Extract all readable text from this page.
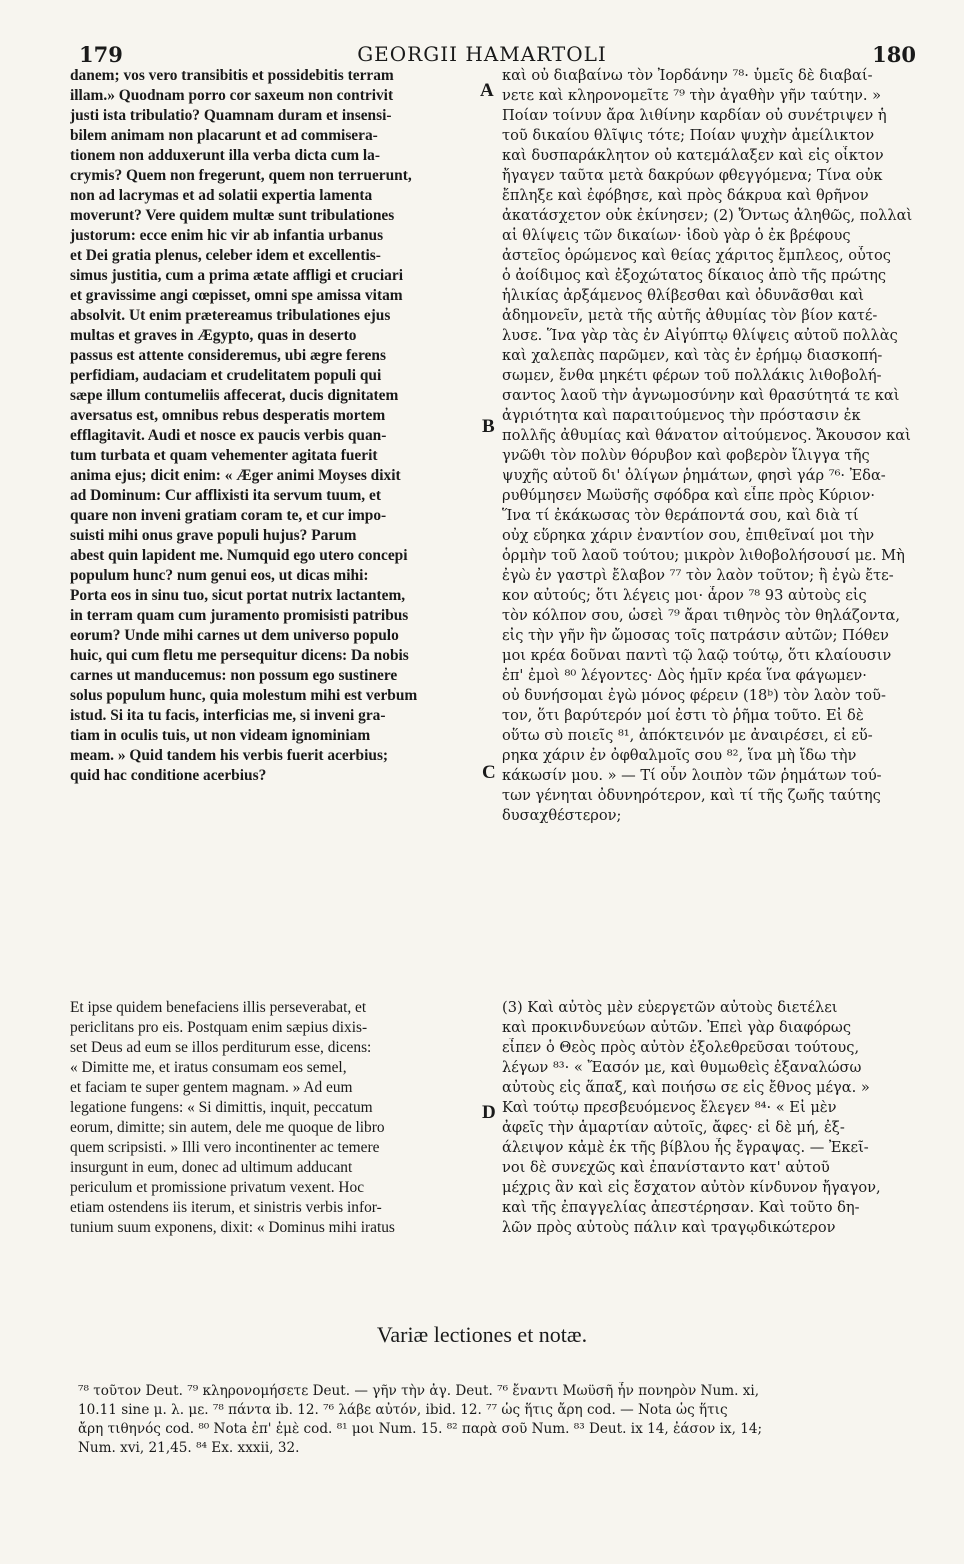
179	GEORGII HAMARTOLI	180
danem; vos vero transibitis et possidebitis terram
illam.» Quodnam porro cor saxeum non contrivit
justi ista tribulatio? Quamnam duram et insensi-
bilem animam non placarunt et ad commisera-
tionem non adduxerunt illa verba dicta cum la-
crymis? Quem non fregerunt, quem non terruerunt,
non ad lacrymas et ad solatii expertia lamenta
moverunt? Vere quidem multæ sunt tribulationes
justorum: ecce enim hic vir ab infantia urbanus
et Dei gratia plenus, celeber idem et excellentis-
simus justitia, cum a prima ætate affligi et cruciari
et gravissime angi cœpisset, omni spe amissa vitam
absolvit. Ut enim prætereamus tribulationes ejus
multas et graves in Ægypto, quas in deserto
passus est attente consideremus, ubi ægre ferens
perfidiam, audaciam et crudelitatem populi qui
sæpe illum contumeliis affecerat, ducis dignitatem
aversatus est, omnibus rebus desperatis mortem
efflagitavit. Audi et nosce ex paucis verbis quan-
tum turbata et quam vehementer agitata fuerit
anima ejus; dicit enim: « Æger animi Moyses dixit
ad Dominum: Cur afflixisti ita servum tuum, et
quare non inveni gratiam coram te, et cur impo-
suisti mihi onus grave populi hujus? Parum
abest quin lapident me. Numquid ego utero concepi
populum hunc? num genui eos, ut dicas mihi:
Porta eos in sinu tuo, sicut portat nutrix lactantem,
in terram quam cum juramento promisisti patribus
eorum? Unde mihi carnes ut dem universo populo
huic, qui cum fletu me persequitur dicens: Da nobis
carnes ut manducemus: non possum ego sustinere
solus populum hunc, quia molestum mihi est verbum
istud. Si ita tu facis, interficias me, si inveni gra-
tiam in oculis tuis, ut non videam ignominiam
meam. » Quid tandem his verbis fuerit acerbius;
quid hac conditione acerbius?
καὶ οὐ διαβαίνω τὸν Ἰορδάνην ⁷⁸· ὑμεῖς δὲ διαβαί-
νετε καὶ κληρονομεῖτε ⁷⁹ τὴν ἀγαθὴν γῆν ταύτην. »
Ποίαν τοίνυν ἄρα λιθίνην καρδίαν οὐ συνέτριψεν ἡ
τοῦ δικαίου θλῖψις τότε; Ποίαν ψυχὴν ἀμείλικτον
καὶ δυσπαράκλητον οὐ κατεμάλαξεν καὶ εἰς οἶκτον
ἤγαγεν ταῦτα μετὰ δακρύων φθεγγόμενα; Τίνα οὐκ
ἔπληξε καὶ ἐφόβησε, καὶ πρὸς δάκρυα καὶ θρῆνον
ἀκατάσχετον οὐκ ἐκίνησεν; (2) Ὄντως ἀληθῶς, πολλαὶ
αἱ θλίψεις τῶν δικαίων· ἰδοὺ γὰρ ὁ ἐκ βρέφους
ἀστεῖος ὁρώμενος καὶ θείας χάριτος ἔμπλεος, οὗτος
ὁ ἀοίδιμος καὶ ἐξοχώτατος δίκαιος ἀπὸ τῆς πρώτης
ἡλικίας ἀρξάμενος θλίβεσθαι καὶ ὀδυνᾶσθαι καὶ
ἀδημονεῖν, μετὰ τῆς αὐτῆς ἀθυμίας τὸν βίον κατέ-
λυσε. Ἵνα γὰρ τὰς ἐν Αἰγύπτῳ θλίψεις αὐτοῦ πολλὰς
καὶ χαλεπὰς παρῶμεν, καὶ τὰς ἐν ἐρήμῳ διασκοπή-
σωμεν, ἔνθα μηκέτι φέρων τοῦ πολλάκις λιθοβολή-
σαντος λαοῦ τὴν ἀγνωμοσύνην καὶ θρασύτητά τε καὶ
ἀγριότητα καὶ παραιτούμενος τὴν πρόστασιν ἐκ
πολλῆς ἀθυμίας καὶ θάνατον αἰτούμενος. Ἄκουσον καὶ
γνῶθι τὸν πολὺν θόρυβον καὶ φοβερὸν ἴλιγγα τῆς
ψυχῆς αὐτοῦ δι' ὀλίγων ῥημάτων, φησὶ γάρ ⁷⁶· Ἐδα-
ρυθύμησεν Μωϋσῆς σφόδρα καὶ εἶπε πρὸς Κύριον·
Ἵνα τί ἐκάκωσας τὸν θεράποντά σου, καὶ διὰ τί
οὐχ εὕρηκα χάριν ἐναντίον σου, ἐπιθεῖναί μοι τὴν
ὁρμὴν τοῦ λαοῦ τούτου; μικρὸν λιθοβολήσουσί με. Μὴ
ἐγὼ ἐν γαστρὶ ἔλαβον ⁷⁷ τὸν λαὸν τοῦτον; ἢ ἐγὼ ἔτε-
κον αὐτούς; ὅτι λέγεις μοι· ἆρον ⁷⁸ 93 αὐτοὺς εἰς
τὸν κόλπον σου, ὡσεὶ ⁷⁹ ἄραι τιθηνὸς τὸν θηλάζοντα,
εἰς τὴν γῆν ἣν ὤμοσας τοῖς πατράσιν αὐτῶν; Πόθεν
μοι κρέα δοῦναι παντὶ τῷ λαῷ τούτῳ, ὅτι κλαίουσιν
ἐπ' ἐμοὶ ⁸⁰ λέγοντες· Δὸς ἡμῖν κρέα ἵνα φάγωμεν·
οὐ δυνήσομαι ἐγὼ μόνος φέρειν (18ᵇ) τὸν λαὸν τοῦ-
τον, ὅτι βαρύτερόν μοί ἐστι τὸ ῥῆμα τοῦτο. Εἰ δὲ
οὕτω σὺ ποιεῖς ⁸¹, ἀπόκτεινόν με ἀναιρέσει, εἰ εὕ-
ρηκα χάριν ἐν ὀφθαλμοῖς σου ⁸², ἵνα μὴ ἴδω τὴν
κάκωσίν μου. » — Τί οὖν λοιπὸν τῶν ῥημάτων τού-
των γένηται ὀδυνηρότερον, καὶ τί τῆς ζωῆς ταύτης
δυσαχθέστερον;
A
B
C
D
Et ipse quidem benefaciens illis perseverabat, et
periclitans pro eis. Postquam enim sæpius dixis-
set Deus ad eum se illos perditurum esse, dicens:
« Dimitte me, et iratus consumam eos semel,
et faciam te super gentem magnam. » Ad eum
legatione fungens: « Si dimittis, inquit, peccatum
eorum, dimitte; sin autem, dele me quoque de libro
quem scripsisti. » Illi vero incontinenter ac temere
insurgunt in eum, donec ad ultimum adducant
periculum et promissione privatum vexent. Hoc
etiam ostendens iis iterum, et sinistris verbis infor-
tunium suum exponens, dixit: « Dominus mihi iratus
(3) Καὶ αὐτὸς μὲν εὐεργετῶν αὐτοὺς διετέλει
καὶ προκινδυνεύων αὐτῶν. Ἐπεὶ γὰρ διαφόρως
εἶπεν ὁ Θεὸς πρὸς αὐτὸν ἐξολεθρεῦσαι τούτους,
λέγων ⁸³· « Ἔασόν με, καὶ θυμωθεὶς ἐξαναλώσω
αὐτοὺς εἰς ἅπαξ, καὶ ποιήσω σε εἰς ἔθνος μέγα. »
Καὶ τούτῳ πρεσβευόμενος ἔλεγεν ⁸⁴· « Εἰ μὲν
ἀφεῖς τὴν ἁμαρτίαν αὐτοῖς, ἄφες· εἰ δὲ μή, ἐξ-
άλειψον κἀμὲ ἐκ τῆς βίβλου ἧς ἔγραψας. — Ἐκεῖ-
νοι δὲ συνεχῶς καὶ ἐπανίσταντο κατ' αὐτοῦ
μέχρις ἂν καὶ εἰς ἔσχατον αὐτὸν κίνδυνον ἤγαγον,
καὶ τῆς ἐπαγγελίας ἀπεστέρησαν. Καὶ τοῦτο δη-
λῶν πρὸς αὐτοὺς πάλιν καὶ τραγῳδικώτερον
Variæ lectiones et notæ.
⁷⁸ τοῦτον Deut. ⁷⁹ κληρονομήσετε Deut. — γῆν τὴν ἀγ. Deut. ⁷⁶ ἔναντι Μωϋσῆ ἦν πονηρὸν Num. xi,
10.11 sine μ. λ. με. ⁷⁸ πάντα ib. 12. ⁷⁶ λάβε αὐτόν, ibid. 12. ⁷⁷ ὡς ἥτις ἄρη cod. — Nota ὡς ἥτις
ἄρη τιθηνός cod. ⁸⁰ Nota ἐπ' ἐμὲ cod. ⁸¹ μοι Num. 15. ⁸² παρὰ σοῦ Num. ⁸³ Deut. ix 14, ἐάσον ix, 14;
Num. xvi, 21,45. ⁸⁴ Ex. xxxii, 32.
